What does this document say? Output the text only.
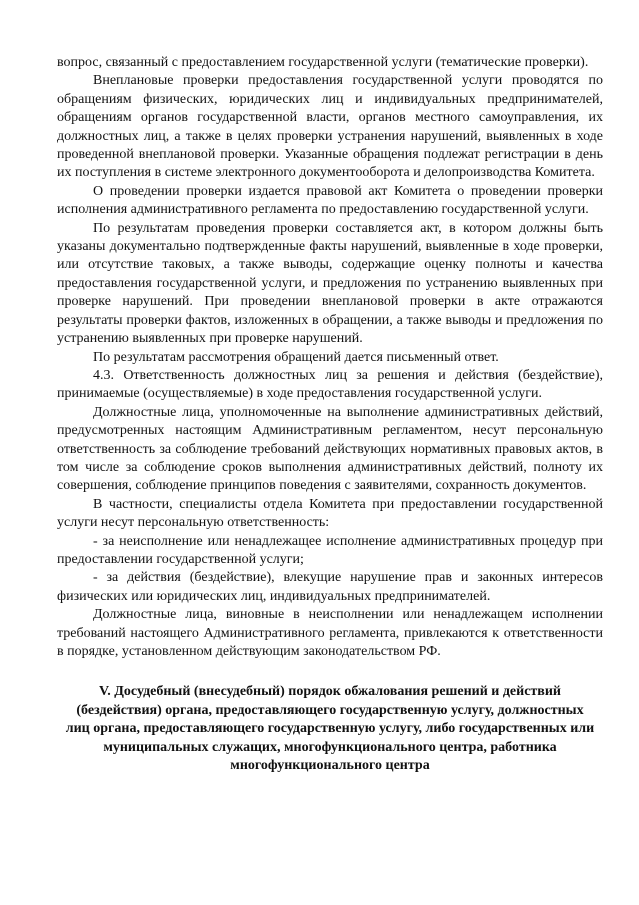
вопрос, связанный с предоставлением государственной услуги (тематические проверки).

Внеплановые проверки предоставления государственной услуги проводятся по обращениям физических, юридических лиц и индивидуальных предпринимателей, обращениям органов государственной власти, органов местного самоуправления, их должностных лиц, а также в целях проверки устранения нарушений, выявленных в ходе проведенной внеплановой проверки. Указанные обращения подлежат регистрации в день их поступления в системе электронного документооборота и делопроизводства Комитета.

О проведении проверки издается правовой акт Комитета о проведении проверки исполнения административного регламента по предоставлению государственной услуги.

По результатам проведения проверки составляется акт, в котором должны быть указаны документально подтвержденные факты нарушений, выявленные в ходе проверки, или отсутствие таковых, а также выводы, содержащие оценку полноты и качества предоставления государственной услуги, и предложения по устранению выявленных при проверке нарушений. При проведении внеплановой проверки в акте отражаются результаты проверки фактов, изложенных в обращении, а также выводы и предложения по устранению выявленных при проверке нарушений.

По результатам рассмотрения обращений дается письменный ответ.

4.3. Ответственность должностных лиц за решения и действия (бездействие), принимаемые (осуществляемые) в ходе предоставления государственной услуги.

Должностные лица, уполномоченные на выполнение административных действий, предусмотренных настоящим Административным регламентом, несут персональную ответственность за соблюдение требований действующих нормативных правовых актов, в том числе за соблюдение сроков выполнения административных действий, полноту их совершения, соблюдение принципов поведения с заявителями, сохранность документов.

В частности, специалисты отдела Комитета при предоставлении государственной услуги несут персональную ответственность:

- за неисполнение или ненадлежащее исполнение административных процедур при предоставлении государственной услуги;

- за действия (бездействие), влекущие нарушение прав и законных интересов физических или юридических лиц, индивидуальных предпринимателей.

Должностные лица, виновные в неисполнении или ненадлежащем исполнении требований настоящего Административного регламента, привлекаются к ответственности в порядке, установленном действующим законодательством РФ.

V. Досудебный (внесудебный) порядок обжалования решений и действий (бездействия) органа, предоставляющего государственную услугу, должностных лиц органа, предоставляющего государственную услугу, либо государственных или муниципальных служащих, многофункционального центра, работника многофункционального центра
